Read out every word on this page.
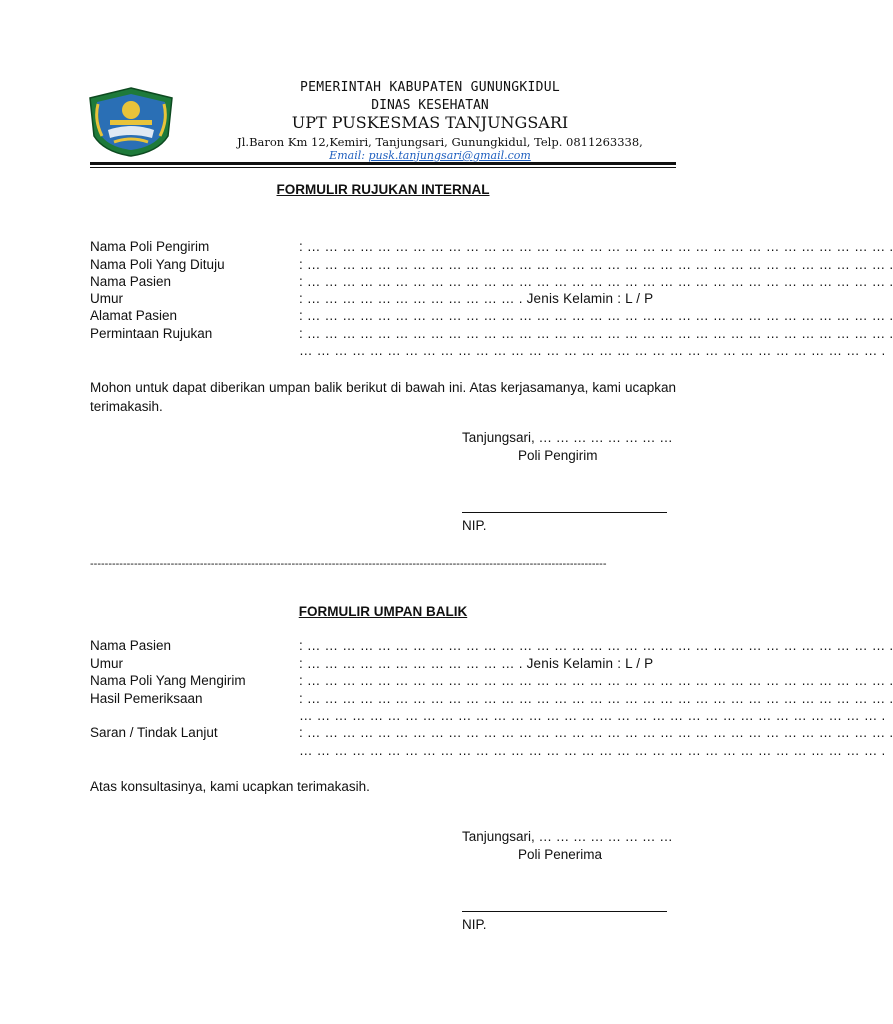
PEMERINTAH KABUPATEN GUNUNGKIDUL
DINAS KESEHATAN
UPT PUSKESMAS TANJUNGSARI
Jl.Baron Km 12,Kemiri, Tanjungsari, Gunungkidul, Telp. 0811263338,
Email: pusk.tanjungsari@gmail.com
FORMULIR RUJUKAN INTERNAL
Nama Poli Pengirim	: … … … … … … … … … … … … … … … … … … … … … … … … … … … … … … … … … .
Nama Poli Yang Dituju	: … … … … … … … … … … … … … … … … … … … … … … … … … … … … … … … … … .
Nama Pasien	: … … … … … … … … … … … … … … … … … … … … … … … … … … … … … … … … … .
Umur	: … … … … … … … … … … … … . Jenis Kelamin : L / P
Alamat Pasien	: … … … … … … … … … … … … … … … … … … … … … … … … … … … … … … … … … .
Permintaan Rujukan	: … … … … … … … … … … … … … … … … … … … … … … … … … … … … … … … … … .
… … … … … … … … … … … … … … … … … … … … … … … … … … … … … … … … … .
Mohon untuk dapat diberikan umpan balik berikut di bawah ini. Atas kerjasamanya, kami ucapkan terimakasih.
Tanjungsari, … … … … … … … …
Poli Pengirim
NIP.
---------------------------------------------------------------------------------------------------------------------------------------------
FORMULIR UMPAN BALIK
Nama Pasien	: … … … … … … … … … … … … … … … … … … … … … … … … … … … … … … … … … .
Umur	: … … … … … … … … … … … … . Jenis Kelamin : L / P
Nama Poli Yang Mengirim	: … … … … … … … … … … … … … … … … … … … … … … … … … … … … … … … … … .
Hasil Pemeriksaan	: … … … … … … … … … … … … … … … … … … … … … … … … … … … … … … … … … .
… … … … … … … … … … … … … … … … … … … … … … … … … … … … … … … … … .
Saran / Tindak Lanjut	: … … … … … … … … … … … … … … … … … … … … … … … … … … … … … … … … … .
… … … … … … … … … … … … … … … … … … … … … … … … … … … … … … … … … .
Atas konsultasinya, kami ucapkan terimakasih.
Tanjungsari, … … … … … … … …
Poli Penerima
NIP.
